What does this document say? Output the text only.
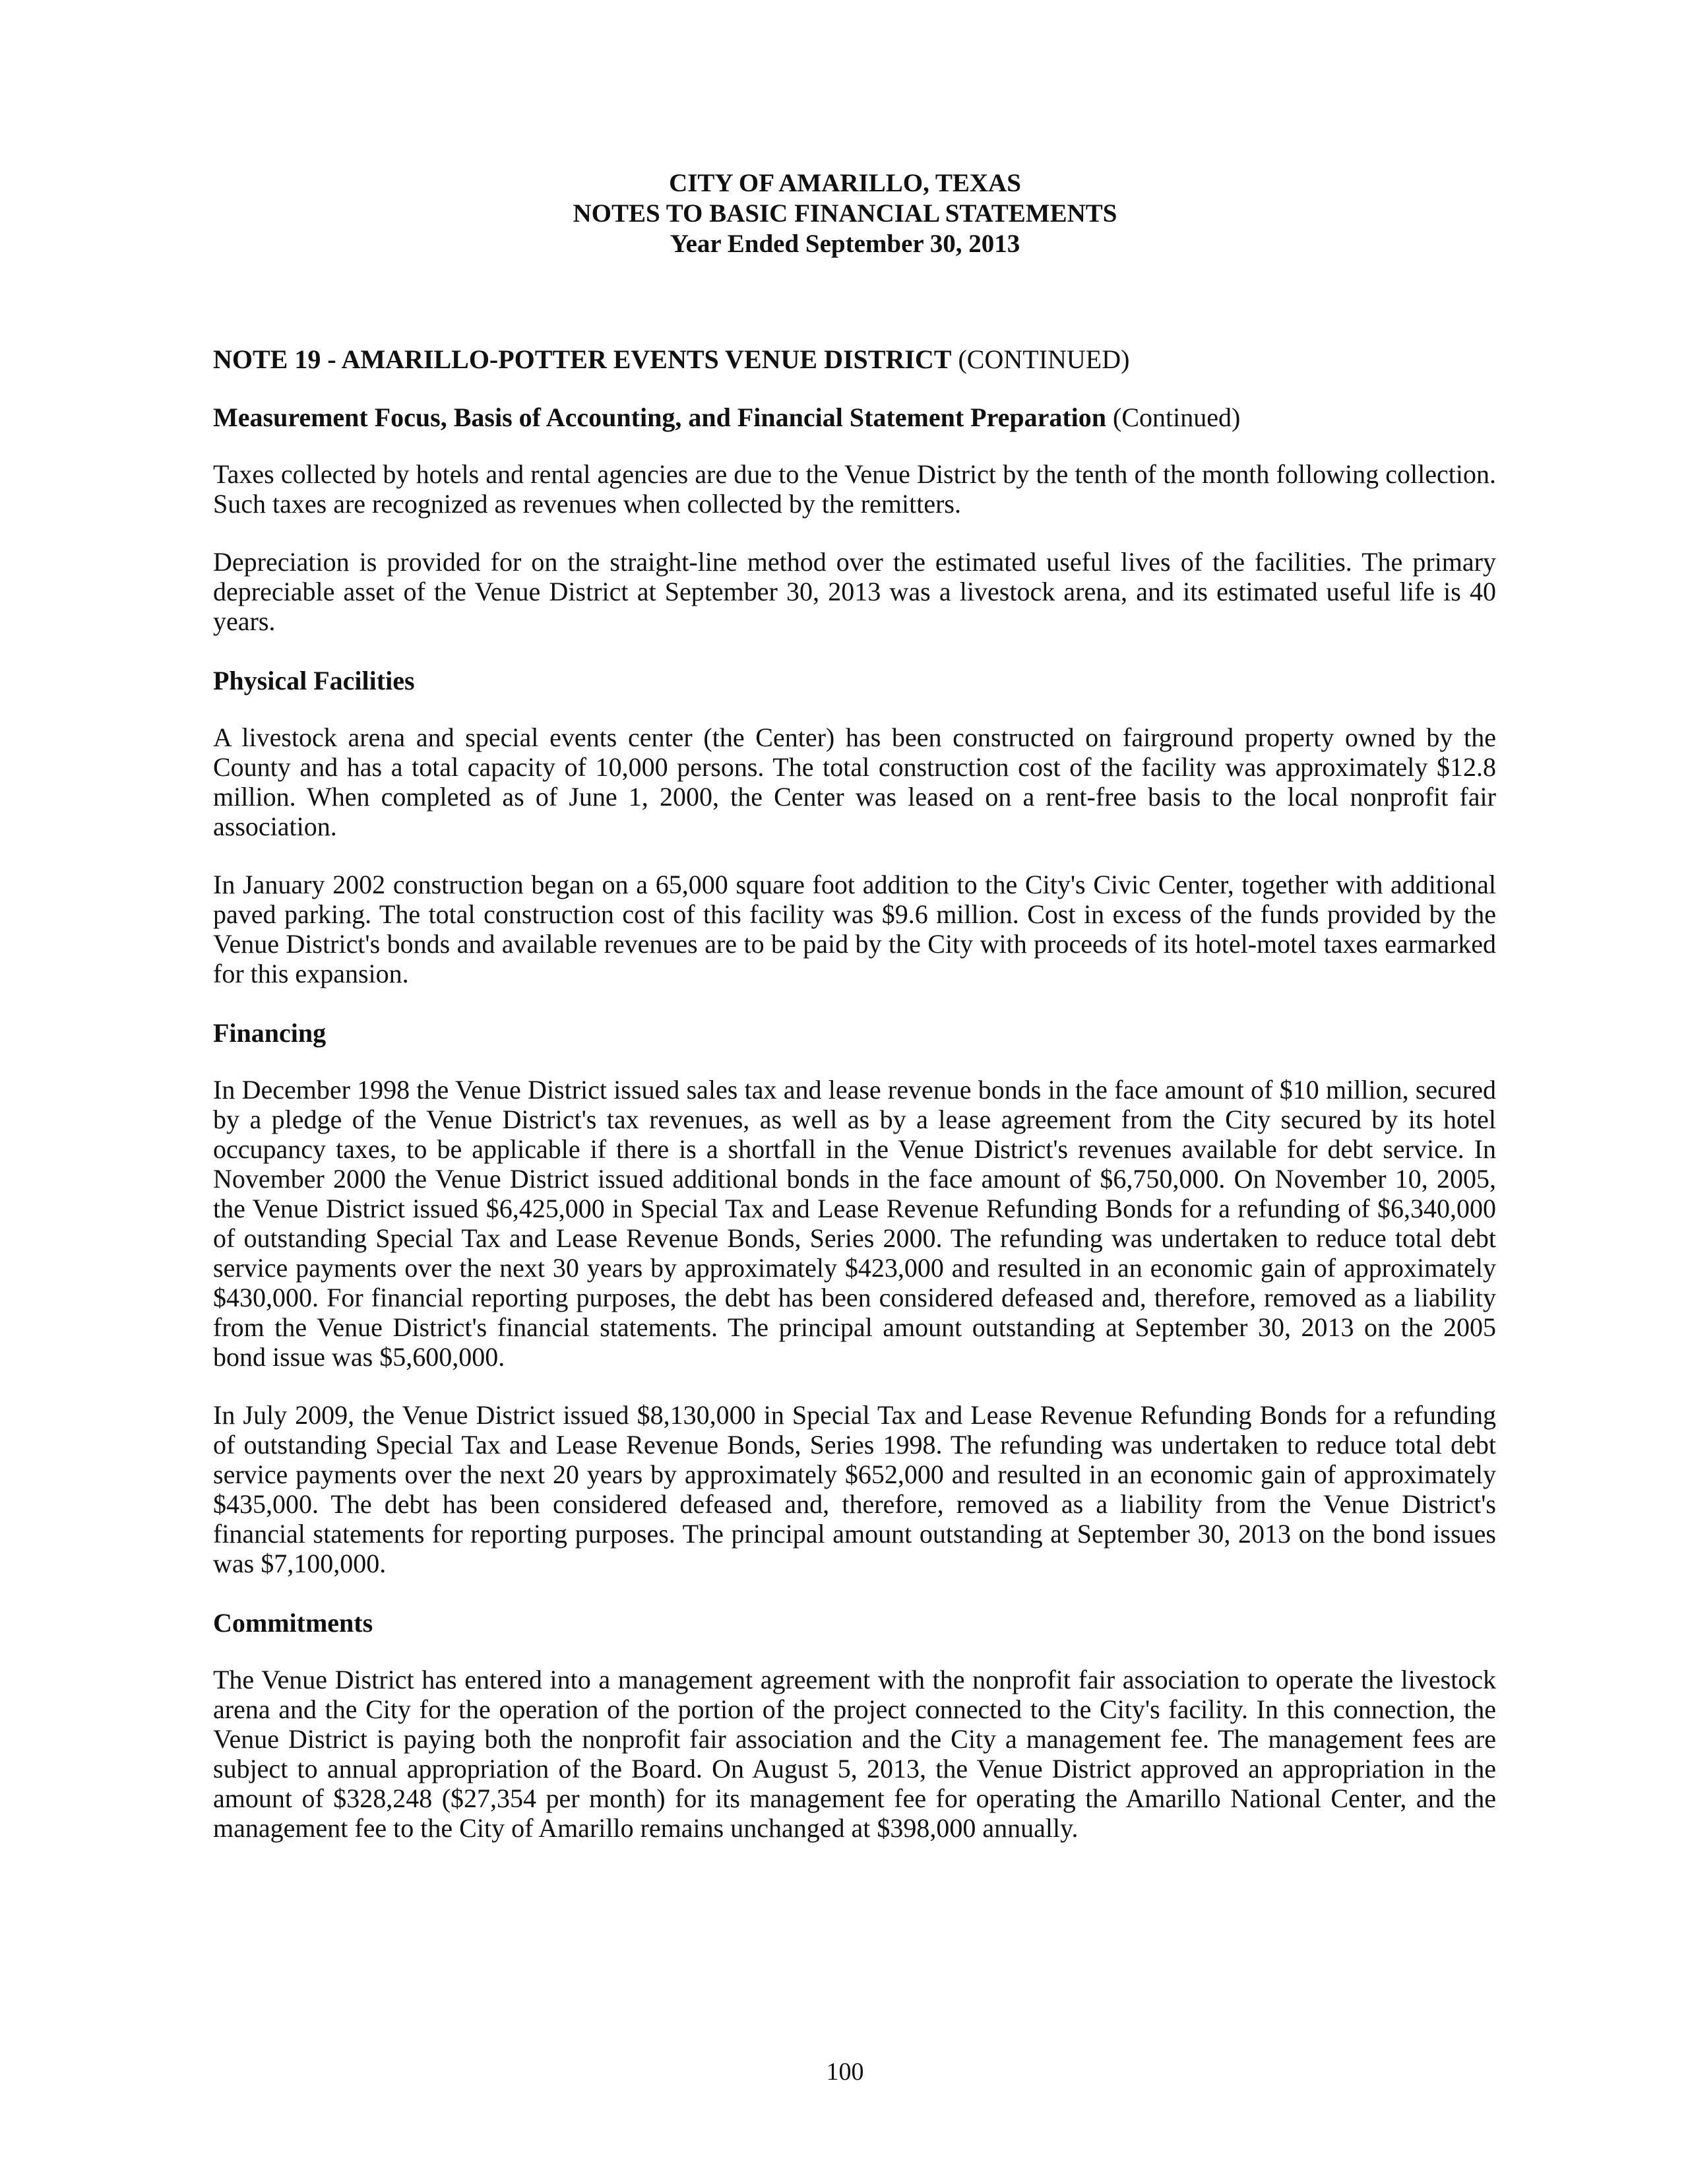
CITY OF AMARILLO, TEXAS
NOTES TO BASIC FINANCIAL STATEMENTS
Year Ended September 30, 2013
NOTE 19 - AMARILLO-POTTER EVENTS VENUE DISTRICT (CONTINUED)
Measurement Focus, Basis of Accounting, and Financial Statement Preparation (Continued)

Taxes collected by hotels and rental agencies are due to the Venue District by the tenth of the month following collection. Such taxes are recognized as revenues when collected by the remitters.

Depreciation is provided for on the straight-line method over the estimated useful lives of the facilities. The primary depreciable asset of the Venue District at September 30, 2013 was a livestock arena, and its estimated useful life is 40 years.

Physical Facilities

A livestock arena and special events center (the Center) has been constructed on fairground property owned by the County and has a total capacity of 10,000 persons. The total construction cost of the facility was approximately $12.8 million. When completed as of June 1, 2000, the Center was leased on a rent-free basis to the local nonprofit fair association.

In January 2002 construction began on a 65,000 square foot addition to the City's Civic Center, together with additional paved parking. The total construction cost of this facility was $9.6 million. Cost in excess of the funds provided by the Venue District's bonds and available revenues are to be paid by the City with proceeds of its hotel-motel taxes earmarked for this expansion.

Financing

In December 1998 the Venue District issued sales tax and lease revenue bonds in the face amount of $10 million, secured by a pledge of the Venue District's tax revenues, as well as by a lease agreement from the City secured by its hotel occupancy taxes, to be applicable if there is a shortfall in the Venue District's revenues available for debt service. In November 2000 the Venue District issued additional bonds in the face amount of $6,750,000. On November 10, 2005, the Venue District issued $6,425,000 in Special Tax and Lease Revenue Refunding Bonds for a refunding of $6,340,000 of outstanding Special Tax and Lease Revenue Bonds, Series 2000. The refunding was undertaken to reduce total debt service payments over the next 30 years by approximately $423,000 and resulted in an economic gain of approximately $430,000. For financial reporting purposes, the debt has been considered defeased and, therefore, removed as a liability from the Venue District's financial statements. The principal amount outstanding at September 30, 2013 on the 2005 bond issue was $5,600,000.

In July 2009, the Venue District issued $8,130,000 in Special Tax and Lease Revenue Refunding Bonds for a refunding of outstanding Special Tax and Lease Revenue Bonds, Series 1998. The refunding was undertaken to reduce total debt service payments over the next 20 years by approximately $652,000 and resulted in an economic gain of approximately $435,000. The debt has been considered defeased and, therefore, removed as a liability from the Venue District's financial statements for reporting purposes. The principal amount outstanding at September 30, 2013 on the bond issues was $7,100,000.

Commitments

The Venue District has entered into a management agreement with the nonprofit fair association to operate the livestock arena and the City for the operation of the portion of the project connected to the City's facility. In this connection, the Venue District is paying both the nonprofit fair association and the City a management fee. The management fees are subject to annual appropriation of the Board. On August 5, 2013, the Venue District approved an appropriation in the amount of $328,248 ($27,354 per month) for its management fee for operating the Amarillo National Center, and the management fee to the City of Amarillo remains unchanged at $398,000 annually.

100
